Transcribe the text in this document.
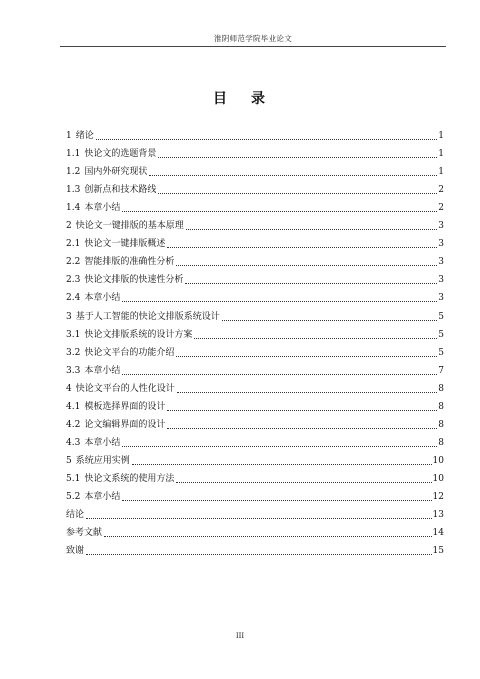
淮阴师范学院毕业论文
目 录
1 绪论	1
1.1 快论文的选题背景	1
1.2 国内外研究现状	1
1.3 创新点和技术路线	2
1.4 本章小结	2
2 快论文一键排版的基本原理	3
2.1 快论文一键排版概述	3
2.2 智能排版的准确性分析	3
2.3 快论文排版的快速性分析	3
2.4 本章小结	3
3 基于人工智能的快论文排版系统设计	5
3.1 快论文排版系统的设计方案	5
3.2 快论文平台的功能介绍	5
3.3 本章小结	7
4 快论文平台的人性化设计	8
4.1 模板选择界面的设计	8
4.2 论文编辑界面的设计	8
4.3 本章小结	8
5 系统应用实例	10
5.1 快论文系统的使用方法	10
5.2 本章小结	12
结论	13
参考文献	14
致谢	15
III
